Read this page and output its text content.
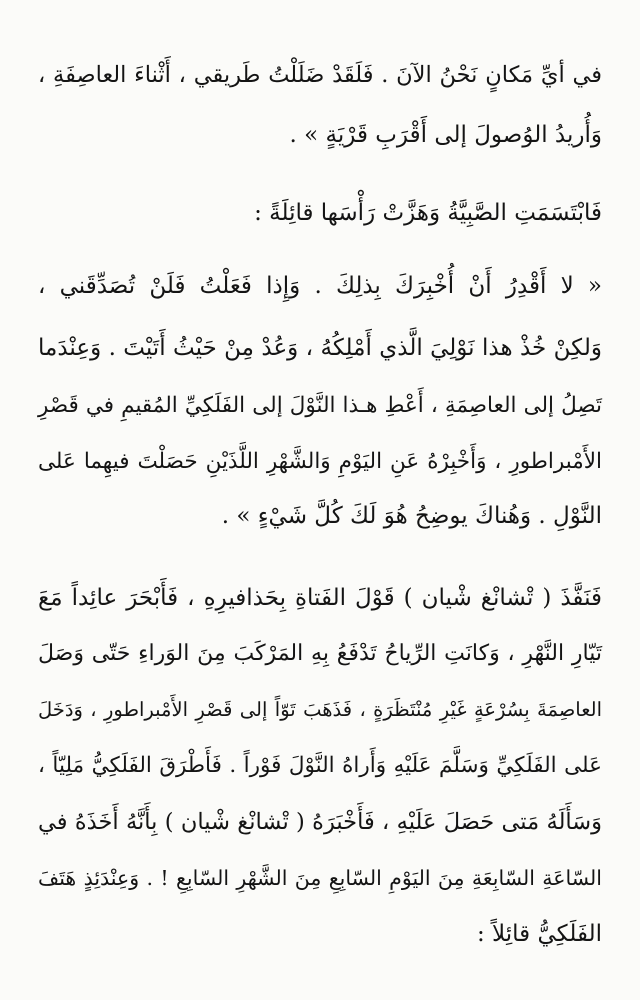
في أيِّ مَكانٍ نَحْنُ الآنَ . فَلَقَدْ ضَلَلْتُ طَريقي ، أَثْناءَ العاصِفَةِ ،
وَأُريدُ الوُصولَ إلى أَقْرَبِ قَرْيَةٍ » .
فَابْتَسَمَتِ الصَّبِيَّةُ وَهَزَّتْ رَأْسَها قائِلَةً :
« لا أَقْدِرُ أَنْ أُخْبِرَكَ بِذلِكَ . وَإِذا فَعَلْتُ فَلَنْ تُصَدِّقَني ،
وَلكِنْ خُذْ هذا نَوْلِيَ الَّذي أَمْلِكُهُ ، وَعُدْ مِنْ حَيْثُ أَتَيْتَ . وَعِنْدَما
تَصِلُ إلى العاصِمَةِ ، أَعْطِ هـذا النَّوْلَ إلى الفَلَكِيِّ المُقيمِ في قَصْرِ
الأَمْبراطورِ ، وَأَخْبِرْهُ عَنِ اليَوْمِ وَالشَّهْرِ اللَّذَيْنِ حَصَلْتَ فيهِما عَلى
النَّوْلِ . وَهُناكَ يوضِحُ هُوَ لَكَ كُلَّ شَيْءٍ » .
فَنَفَّذَ ( تْشانْغ شْيان ) قَوْلَ الفَتاةِ بِحَذافيرِهِ ، فَأَبْحَرَ عائِداً مَعَ
تَيّارِ النَّهْرِ ، وَكانَتِ الرِّياحُ تَدْفَعُ بِهِ المَرْكَبَ مِنَ الوَراءِ حَتّى وَصَلَ
العاصِمَةَ بِسُرْعَةٍ غَيْرِ مُنْتَظَرَةٍ ، فَذَهَبَ تَوّاً إلى قَصْرِ الأَمْبراطورِ ، وَدَخَلَ
عَلى الفَلَكِيِّ وَسَلَّمَ عَلَيْهِ وَأَراهُ النَّوْلَ فَوْراً . فَأَطْرَقَ الفَلَكِيُّ مَلِيّاً ،
وَسَأَلَهُ مَتى حَصَلَ عَلَيْهِ ، فَأَخْبَرَهُ ( تْشانْغ شْيان ) بِأَنَّهُ أَخَذَهُ في
السّاعَةِ السّابِعَةِ مِنَ اليَوْمِ السّابِعِ مِنَ الشَّهْرِ السّابِعِ ! . وَعِنْدَئِذٍ هَتَفَ
الفَلَكِيُّ قائِلاً :
